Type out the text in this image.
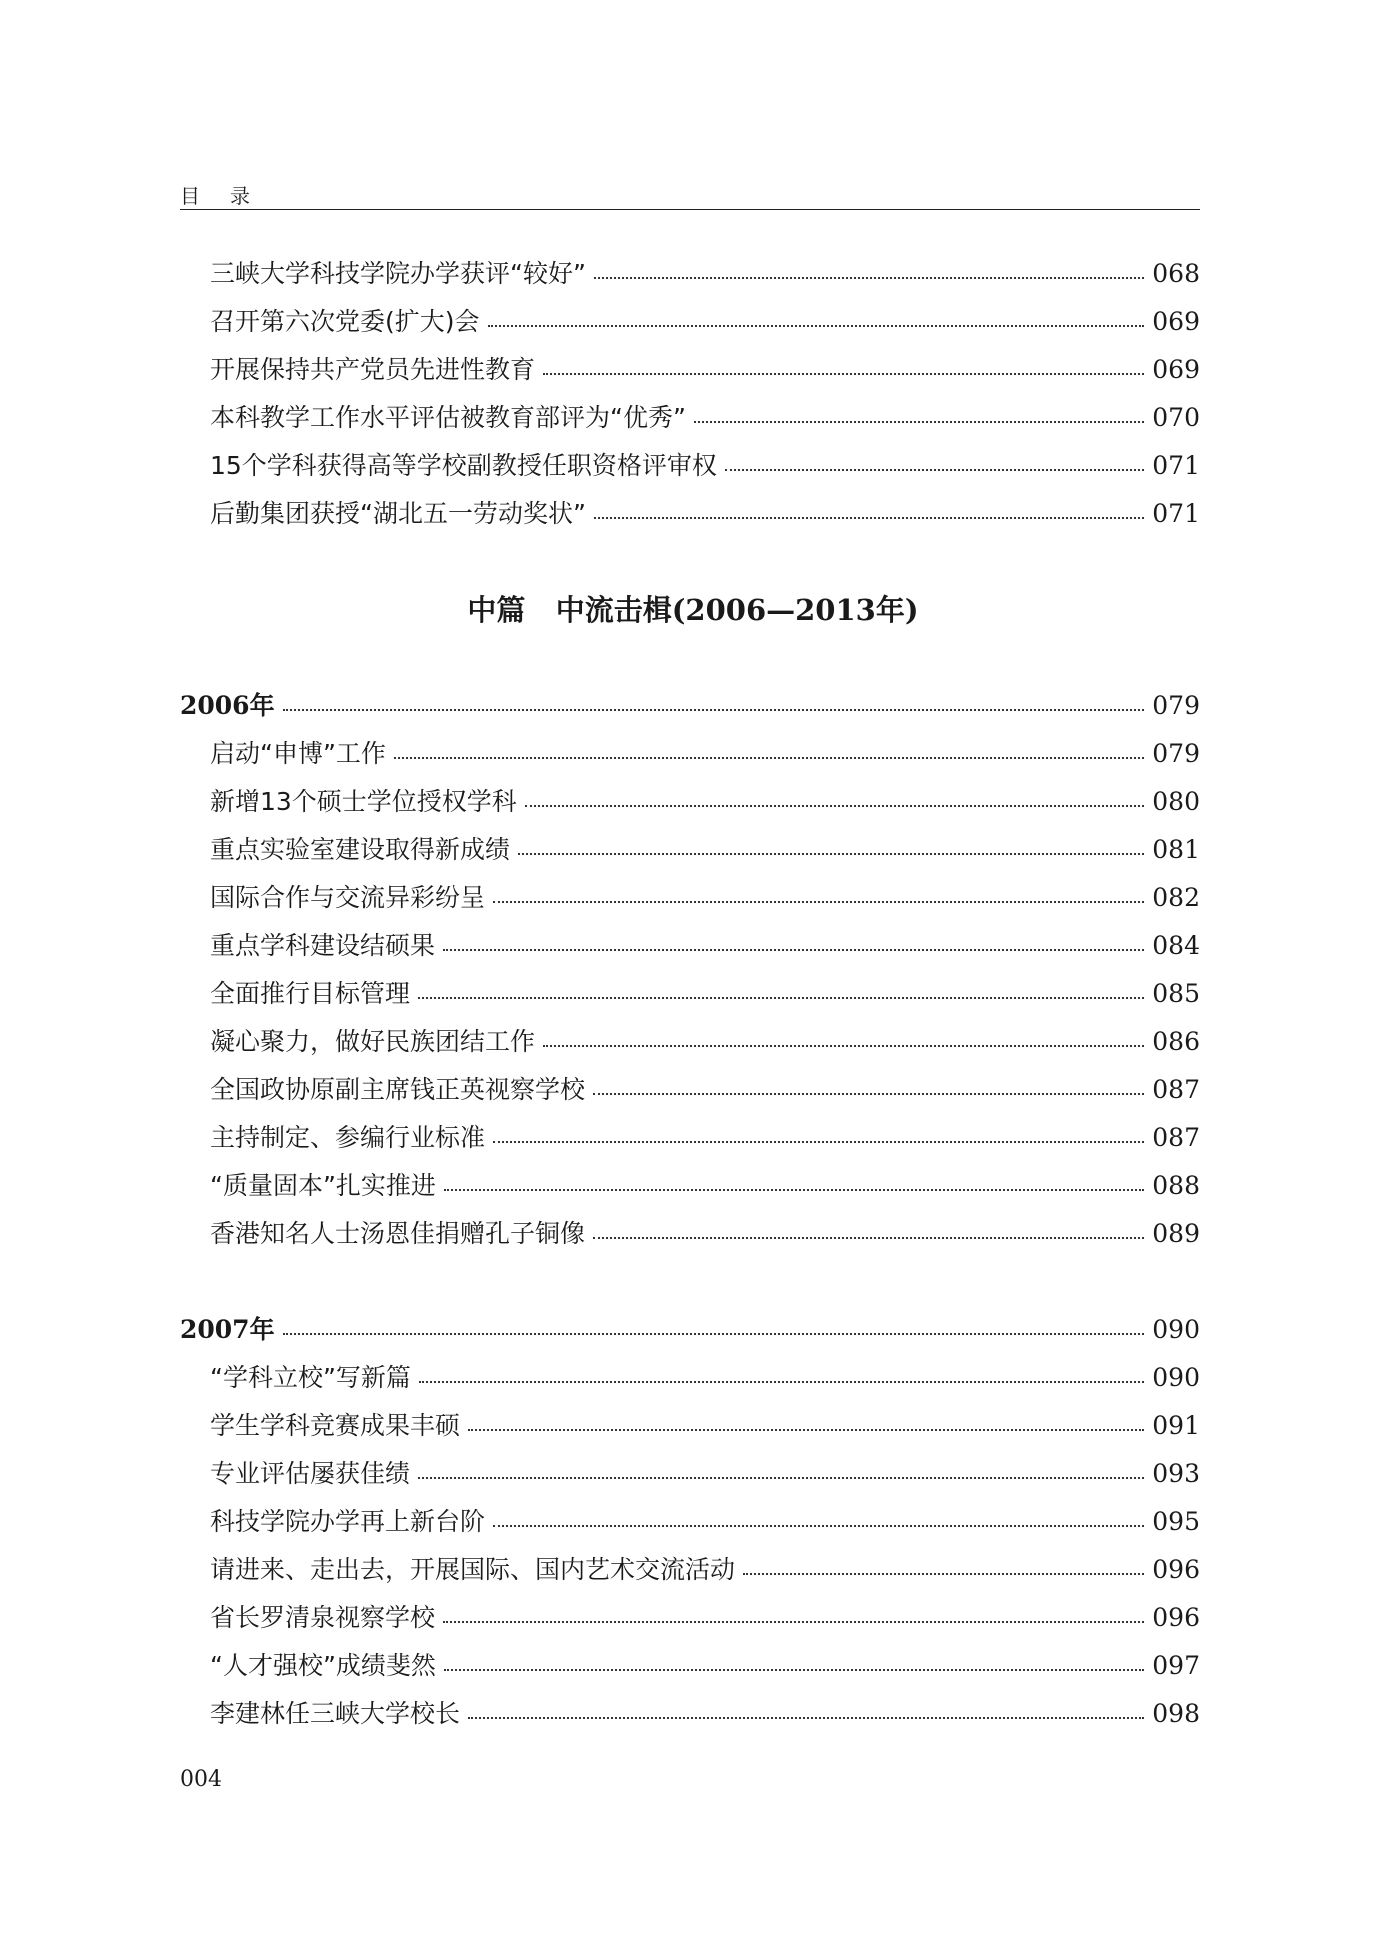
目录
三峡大学科技学院办学获评“较好”	068
召开第六次党委(扩大)会	069
开展保持共产党员先进性教育	069
本科教学工作水平评估被教育部评为“优秀”	070
15个学科获得高等学校副教授任职资格评审权	071
后勤集团获授“湖北五一劳动奖状”	071
中篇   中流击楫(2006—2013年)
2006年	079
启动“申博”工作	079
新增13个硕士学位授权学科	080
重点实验室建设取得新成绩	081
国际合作与交流异彩纷呈	082
重点学科建设结硕果	084
全面推行目标管理	085
凝心聚力，做好民族团结工作	086
全国政协原副主席钱正英视察学校	087
主持制定、参编行业标准	087
“质量固本”扎实推进	088
香港知名人士汤恩佳捐赠孔子铜像	089
2007年	090
“学科立校”写新篇	090
学生学科竞赛成果丰硕	091
专业评估屡获佳绩	093
科技学院办学再上新台阶	095
请进来、走出去，开展国际、国内艺术交流活动	096
省长罗清泉视察学校	096
“人才强校”成绩斐然	097
李建林任三峡大学校长	098
004
